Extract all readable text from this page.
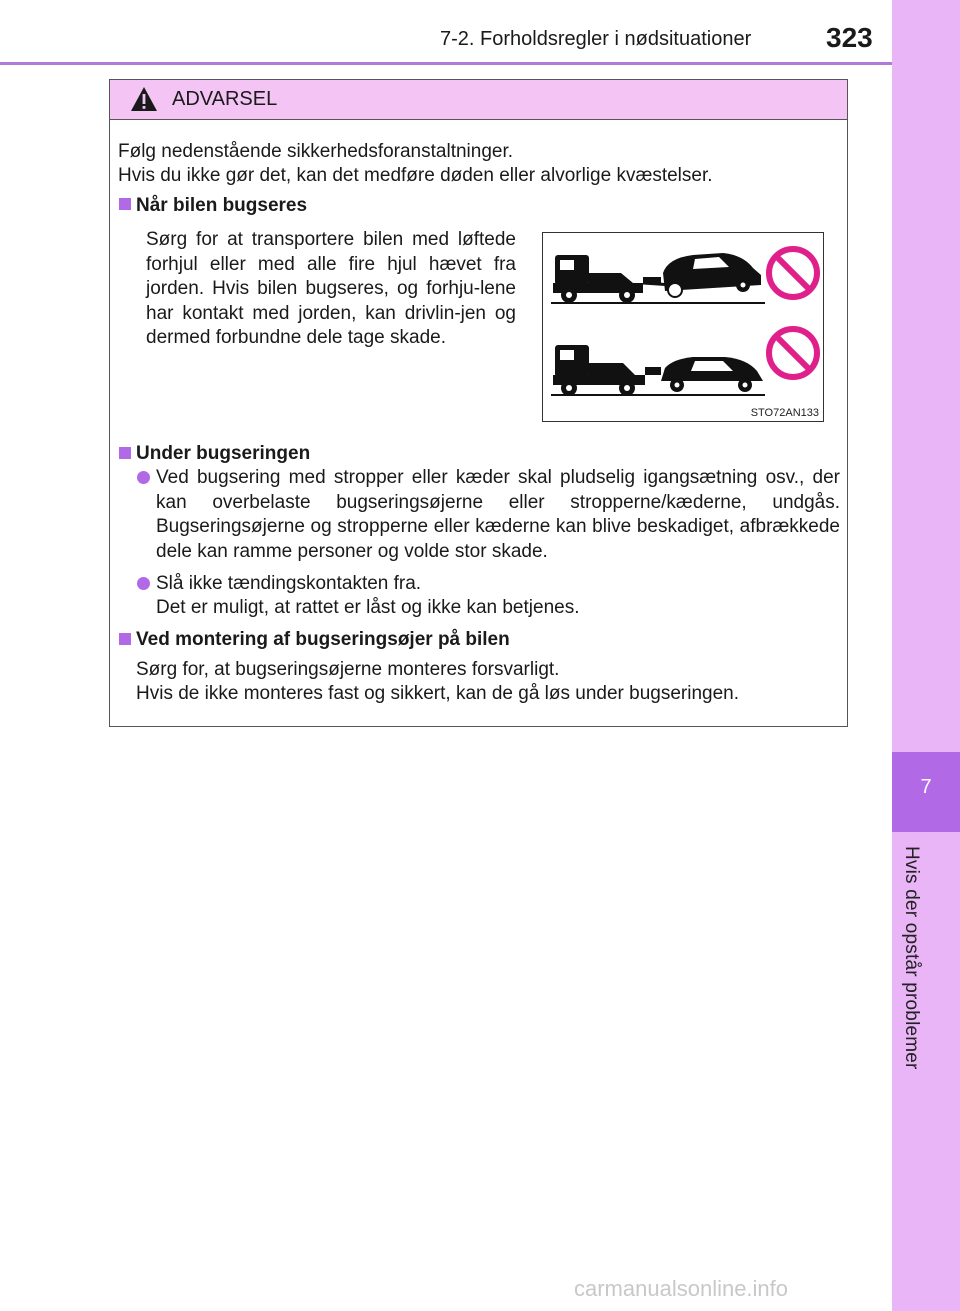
7-2. Forholdsregler i nødsituationer	323
7
Hvis der opstår problemer
ADVARSEL
Følg nedenstående sikkerhedsforanstaltninger.
Hvis du ikke gør det, kan det medføre døden eller alvorlige kvæstelser.
Når bilen bugseres
Sørg for at transportere bilen med løftede forhjul eller med alle fire hjul hævet fra jorden. Hvis bilen bugseres, og forhju-lene har kontakt med jorden, kan drivlin-jen og dermed forbundne dele tage skade.
STO72AN133
Under bugseringen
Ved bugsering med stropper eller kæder skal pludselig igangsætning osv., der kan overbelaste bugseringsøjerne eller stropperne/kæderne, undgås. Bugseringsøjerne og stropperne eller kæderne kan blive beskadiget, afbrækkede dele kan ramme personer og volde stor skade.
Slå ikke tændingskontakten fra.
Det er muligt, at rattet er låst og ikke kan betjenes.
Ved montering af bugseringsøjer på bilen
Sørg for, at bugseringsøjerne monteres forsvarligt.
Hvis de ikke monteres fast og sikkert, kan de gå løs under bugseringen.
carmanualsonline.info
